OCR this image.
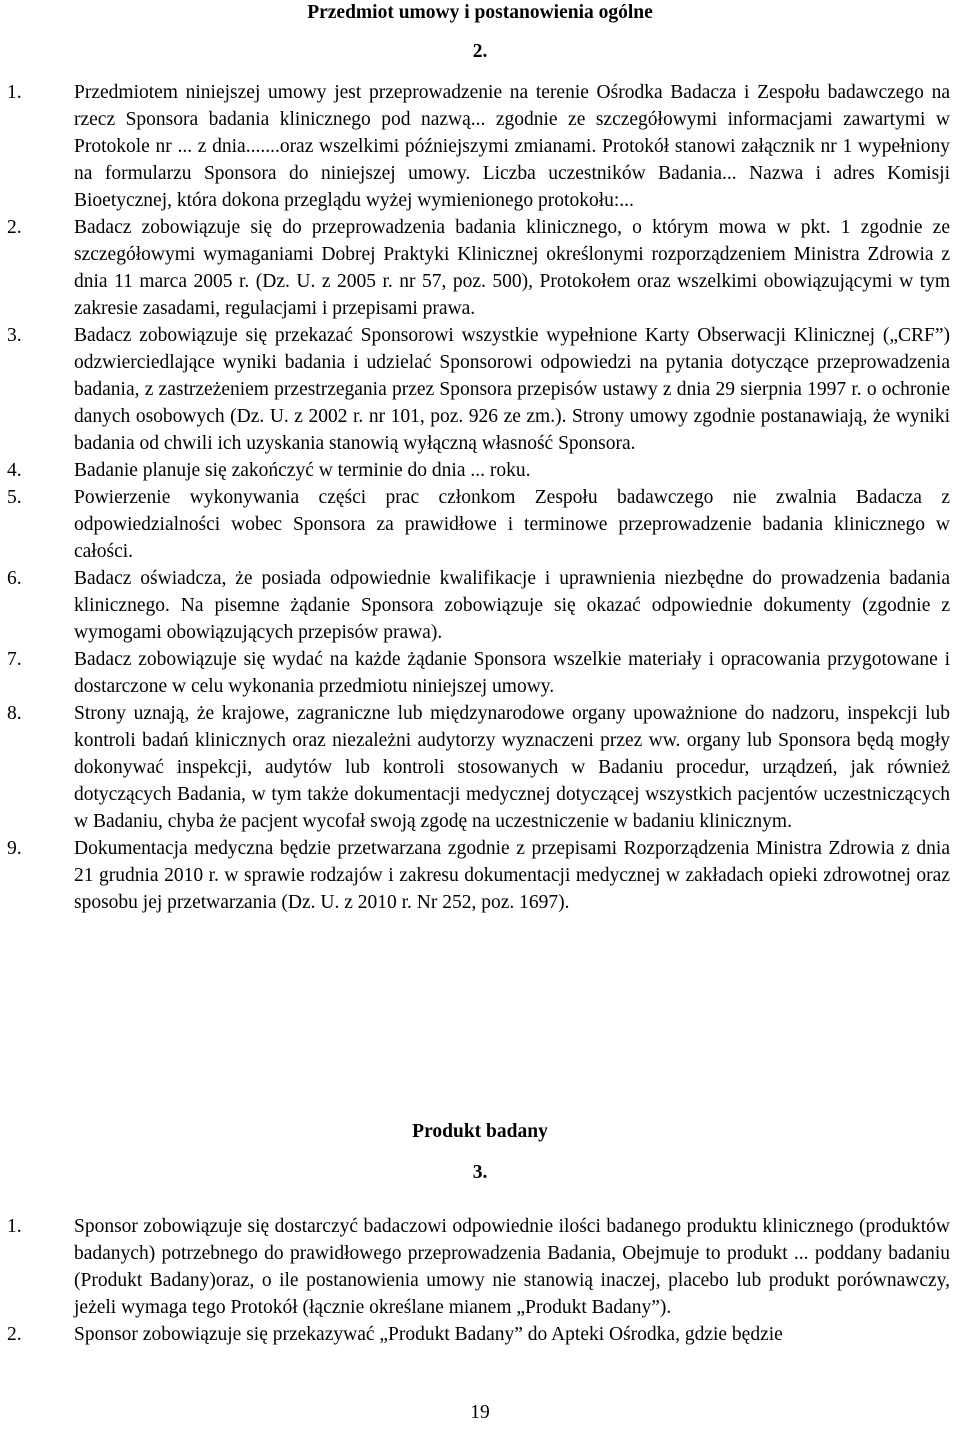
Przedmiot umowy i postanowienia ogólne

2.

1.	Przedmiotem niniejszej umowy jest przeprowadzenie na terenie Ośrodka Badacza i Zespołu badawczego na rzecz Sponsora badania klinicznego pod nazwą... zgodnie ze szczegółowymi informacjami zawartymi w Protokole nr ... z dnia.......oraz wszelkimi późniejszymi zmianami. Protokół stanowi załącznik nr 1 wypełniony na formularzu Sponsora do niniejszej umowy. Liczba uczestników Badania... Nazwa i adres Komisji Bioetycznej, która dokona przeglądu wyżej wymienionego protokołu:...
2.	Badacz zobowiązuje się do przeprowadzenia badania klinicznego, o którym mowa w pkt. 1 zgodnie ze szczegółowymi wymaganiami Dobrej Praktyki Klinicznej określonymi rozporządzeniem Ministra Zdrowia z dnia 11 marca 2005 r. (Dz. U. z 2005 r. nr 57, poz. 500), Protokołem oraz wszelkimi obowiązującymi w tym zakresie zasadami, regulacjami i przepisami prawa.
3.	Badacz zobowiązuje się przekazać Sponsorowi wszystkie wypełnione Karty Obserwacji Klinicznej („CRF”) odzwierciedlające wyniki badania i udzielać Sponsorowi odpowiedzi na pytania dotyczące przeprowadzenia badania, z zastrzeżeniem przestrzegania przez Sponsora przepisów ustawy z dnia 29 sierpnia 1997 r. o ochronie danych osobowych (Dz. U. z 2002 r. nr 101, poz. 926 ze zm.). Strony umowy zgodnie postanawiają, że wyniki badania od chwili ich uzyskania stanowią wyłączną własność Sponsora.
4.	Badanie planuje się zakończyć w terminie do dnia ... roku.
5.	Powierzenie wykonywania części prac członkom Zespołu badawczego nie zwalnia Badacza z odpowiedzialności wobec Sponsora za prawidłowe i terminowe przeprowadzenie badania klinicznego w całości.
6.	Badacz oświadcza, że posiada odpowiednie kwalifikacje i uprawnienia niezbędne do prowadzenia badania klinicznego. Na pisemne żądanie Sponsora zobowiązuje się okazać odpowiednie dokumenty (zgodnie z wymogami obowiązujących przepisów prawa).
7.	Badacz zobowiązuje się wydać na każde żądanie Sponsora wszelkie materiały i opracowania przygotowane i dostarczone w celu wykonania przedmiotu niniejszej umowy.
8.	Strony uznają, że krajowe, zagraniczne lub międzynarodowe organy upoważnione do nadzoru, inspekcji lub kontroli badań klinicznych oraz niezależni audytorzy wyznaczeni przez ww. organy lub Sponsora będą mogły dokonywać inspekcji, audytów lub kontroli stosowanych w Badaniu procedur, urządzeń, jak również dotyczących Badania, w tym także dokumentacji medycznej dotyczącej wszystkich pacjentów uczestniczących w Badaniu, chyba że pacjent wycofał swoją zgodę na uczestniczenie w badaniu klinicznym.
9.	Dokumentacja medyczna będzie przetwarzana zgodnie z przepisami Rozporządzenia Ministra Zdrowia z dnia 21 grudnia 2010 r. w sprawie rodzajów i zakresu dokumentacji medycznej w zakładach opieki zdrowotnej oraz sposobu jej przetwarzania (Dz. U. z 2010 r. Nr 252, poz. 1697).

Produkt badany

3.

1.	Sponsor zobowiązuje się dostarczyć badaczowi odpowiednie ilości badanego produktu klinicznego (produktów badanych) potrzebnego do prawidłowego przeprowadzenia Badania, Obejmuje to produkt ... poddany badaniu (Produkt Badany)oraz, o ile postanowienia umowy nie stanowią inaczej, placebo lub produkt porównawczy, jeżeli wymaga tego Protokół (łącznie określane mianem „Produkt Badany”).
2.	Sponsor zobowiązuje się przekazywać „Produkt Badany” do Apteki Ośrodka, gdzie będzie
19
